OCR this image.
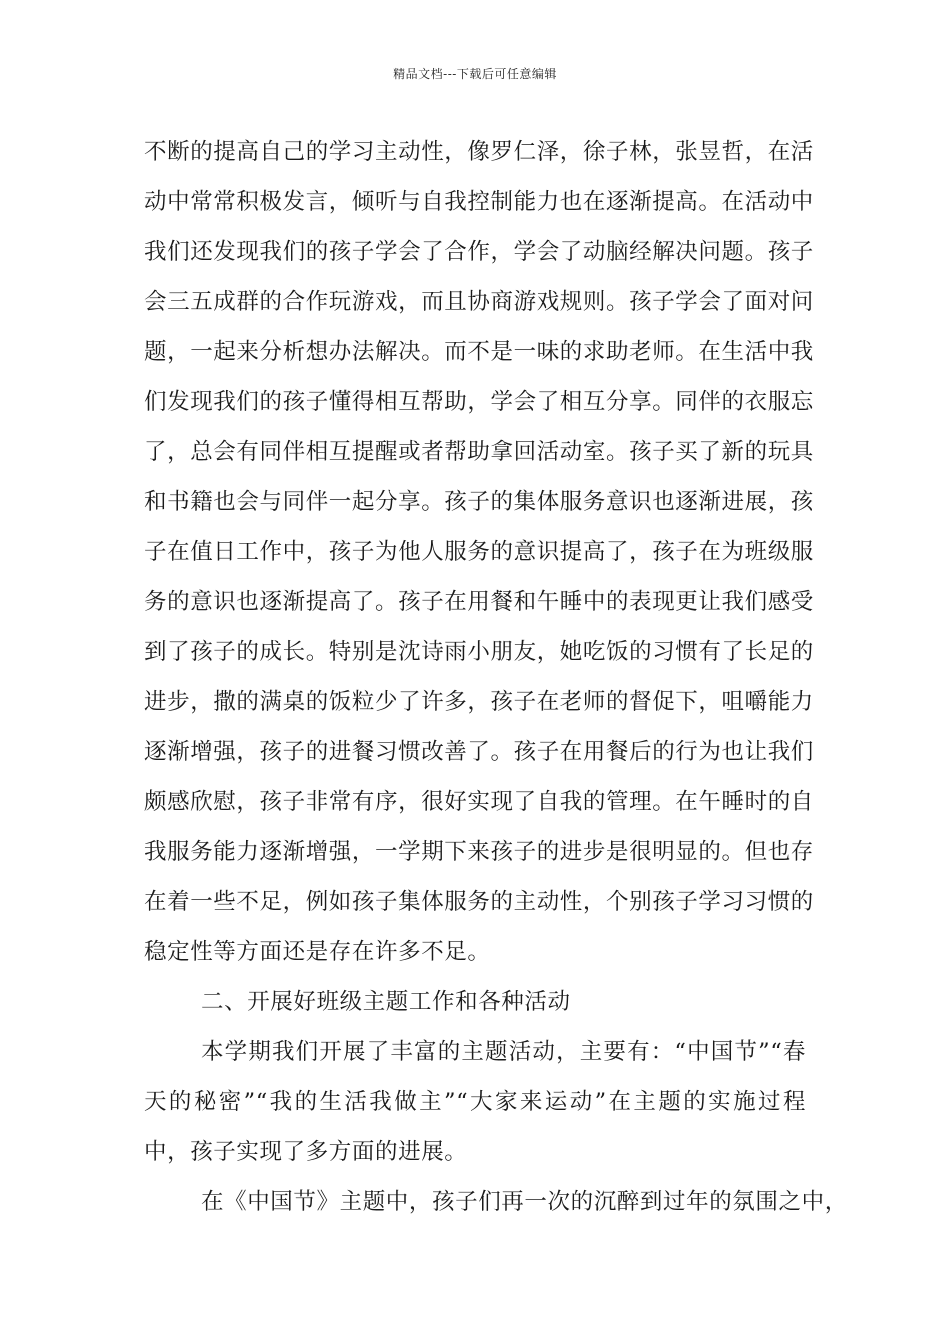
精品文档---下载后可任意编辑
不断的提高自己的学习主动性，像罗仁泽，徐子林，张昱哲，在活
动中常常积极发言，倾听与自我控制能力也在逐渐提高。在活动中
我们还发现我们的孩子学会了合作，学会了动脑经解决问题。孩子
会三五成群的合作玩游戏，而且协商游戏规则。孩子学会了面对问
题，一起来分析想办法解决。而不是一味的求助老师。在生活中我
们发现我们的孩子懂得相互帮助，学会了相互分享。同伴的衣服忘
了，总会有同伴相互提醒或者帮助拿回活动室。孩子买了新的玩具
和书籍也会与同伴一起分享。孩子的集体服务意识也逐渐进展，孩
子在值日工作中，孩子为他人服务的意识提高了，孩子在为班级服
务的意识也逐渐提高了。孩子在用餐和午睡中的表现更让我们感受
到了孩子的成长。特别是沈诗雨小朋友，她吃饭的习惯有了长足的
进步，撒的满桌的饭粒少了许多，孩子在老师的督促下，咀嚼能力
逐渐增强，孩子的进餐习惯改善了。孩子在用餐后的行为也让我们
颇感欣慰，孩子非常有序，很好实现了自我的管理。在午睡时的自
我服务能力逐渐增强，一学期下来孩子的进步是很明显的。但也存
在着一些不足，例如孩子集体服务的主动性，个别孩子学习习惯的
稳定性等方面还是存在许多不足。
二、开展好班级主题工作和各种活动
本学期我们开展了丰富的主题活动，主要有：“中国节”“春
天的秘密”“我的生活我做主”“大家来运动”在主题的实施过程
中，孩子实现了多方面的进展。
在《中国节》主题中，孩子们再一次的沉醉到过年的氛围之中，
